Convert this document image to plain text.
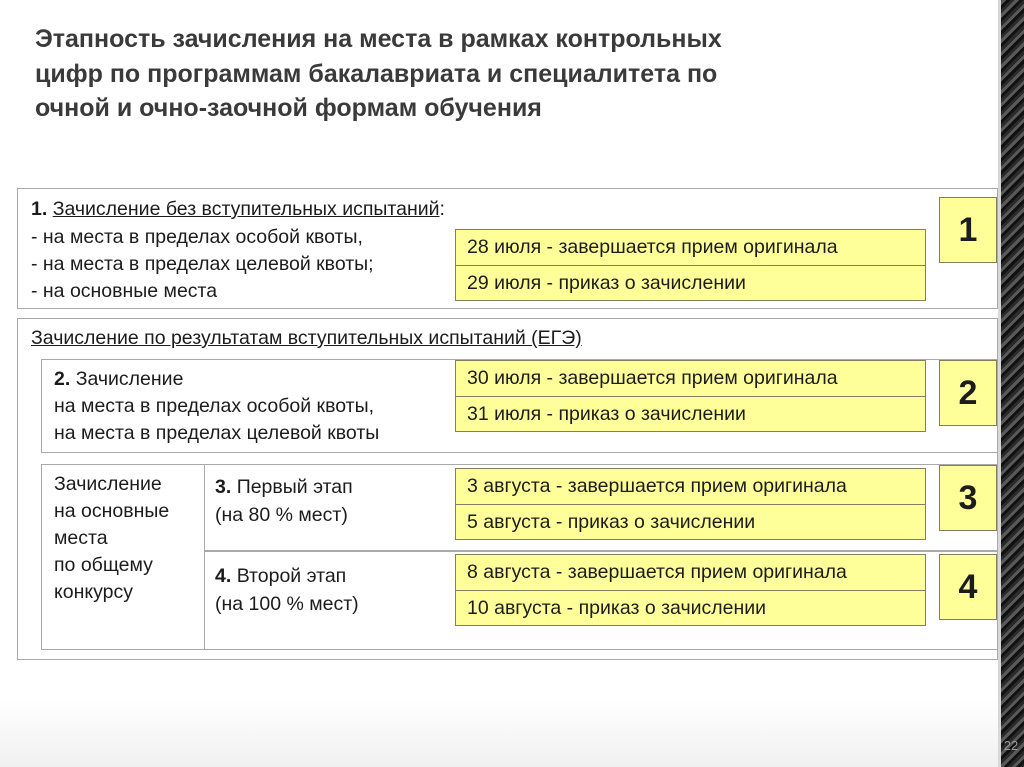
22
Этапность зачисления на места в рамках контрольных цифр по программам бакалавриата и специалитета по очной и очно-заочной формам обучения
1. Зачисление без вступительных испытаний:
- на места в пределах особой квоты,
- на места в пределах целевой квоты;
- на основные места
28 июля - завершается прием оригинала
29 июля - приказ о зачислении
1
Зачисление по результатам вступительных испытаний (ЕГЭ)
2. Зачисление
на места в пределах особой квоты,
на места в пределах целевой квоты
30 июля - завершается прием оригинала
31 июля - приказ о зачислении
2
Зачисление
на основные
места
по общему
конкурсу
3. Первый этап
(на 80 % мест)
3 августа - завершается прием оригинала
5 августа - приказ о зачислении
3
4. Второй этап
(на 100 % мест)
8 августа - завершается прием оригинала
10 августа - приказ о зачислении
4
